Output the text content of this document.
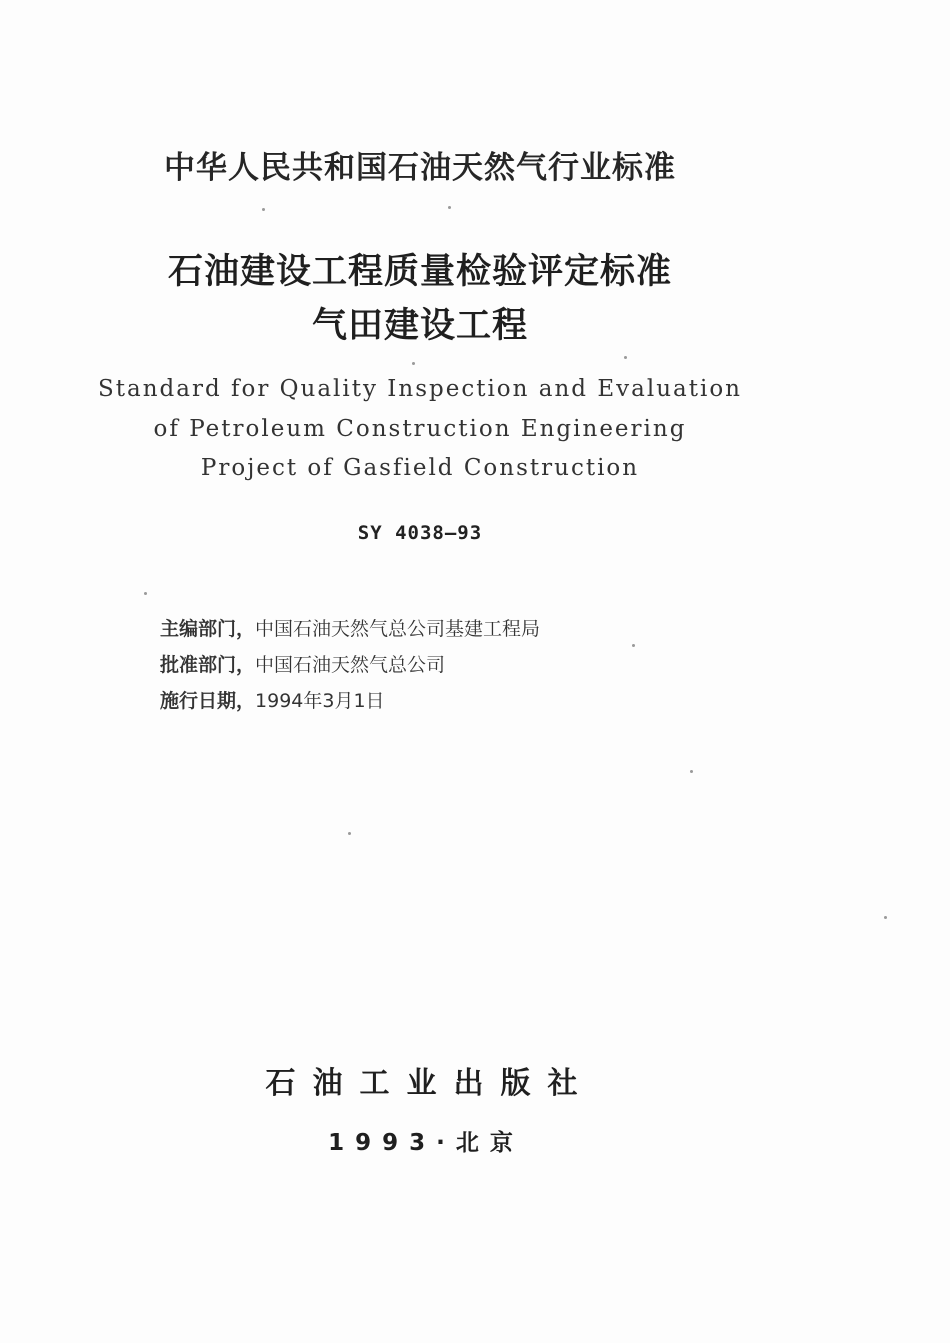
中华人民共和国石油天然气行业标准
石油建设工程质量检验评定标准
气田建设工程
Standard for Quality Inspection and Evaluation
of Petroleum Construction Engineering
Project of Gasfield Construction
SY 4038—93
主编部门，中国石油天然气总公司基建工程局
批准部门，中国石油天然气总公司
施行日期，1994年3月1日
石油工业出版社
1993·北京
